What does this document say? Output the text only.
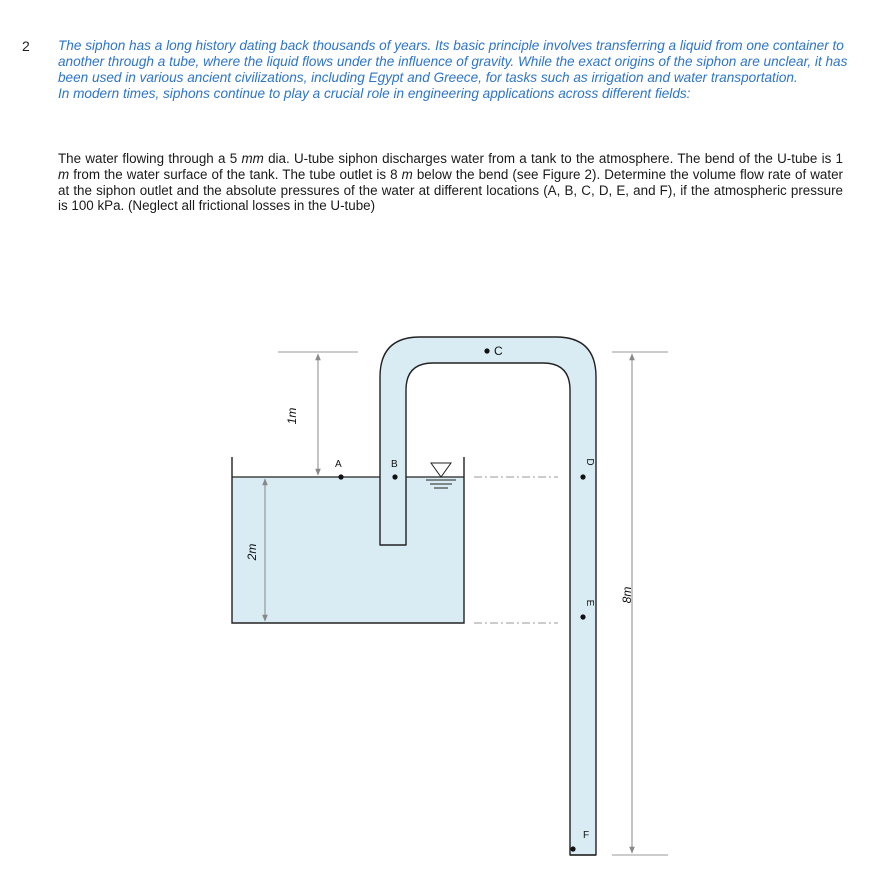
2 The siphon has a long history dating back thousands of years. Its basic principle involves transferring a liquid from one container to another through a tube, where the liquid flows under the influence of gravity. While the exact origins of the siphon are unclear, it has been used in various ancient civilizations, including Egypt and Greece, for tasks such as irrigation and water transportation.

In modern times, siphons continue to play a crucial role in engineering applications across different fields:

The water flowing through a 5 mm dia. U-tube siphon discharges water from a tank to the atmosphere. The bend of the U-tube is 1 m from the water surface of the tank. The tube outlet is 8 m below the bend (see Figure 2). Determine the volume flow rate of water at the siphon outlet and the absolute pressures of the water at different locations (A, B, C, D, E, and F), if the atmospheric pressure is 100 kPa. (Neglect all frictional losses in the U-tube)

1m
2m
8m
A	B
C
D
E
F
